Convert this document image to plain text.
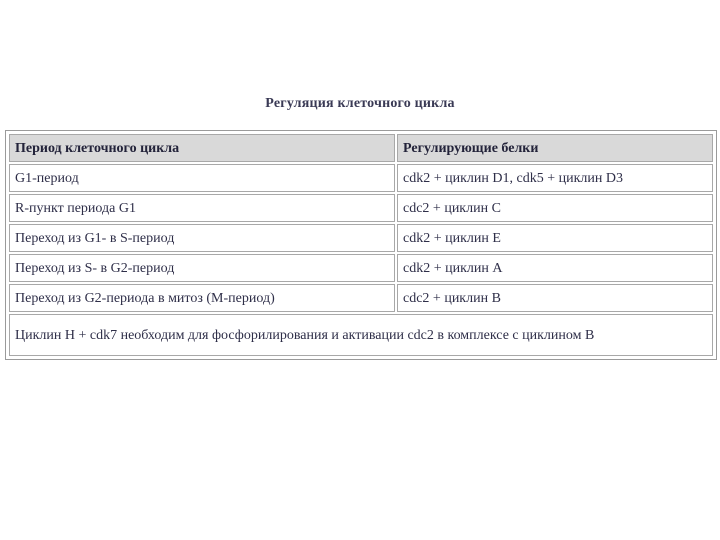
Регуляция клеточного цикла
Период клеточного цикла	Регулирующие белки
G1-период	cdk2 + циклин D1, cdk5 + циклин D3
R-пункт периода G1	cdc2 + циклин C
Переход из G1- в S-период	cdk2 + циклин E
Переход из S- в G2-период	cdk2 + циклин A
Переход из G2-периода в митоз (М-период)	cdc2 + циклин B
Циклин H + cdk7 необходим для фосфорилирования и активации cdc2 в комплексе с циклином B	
